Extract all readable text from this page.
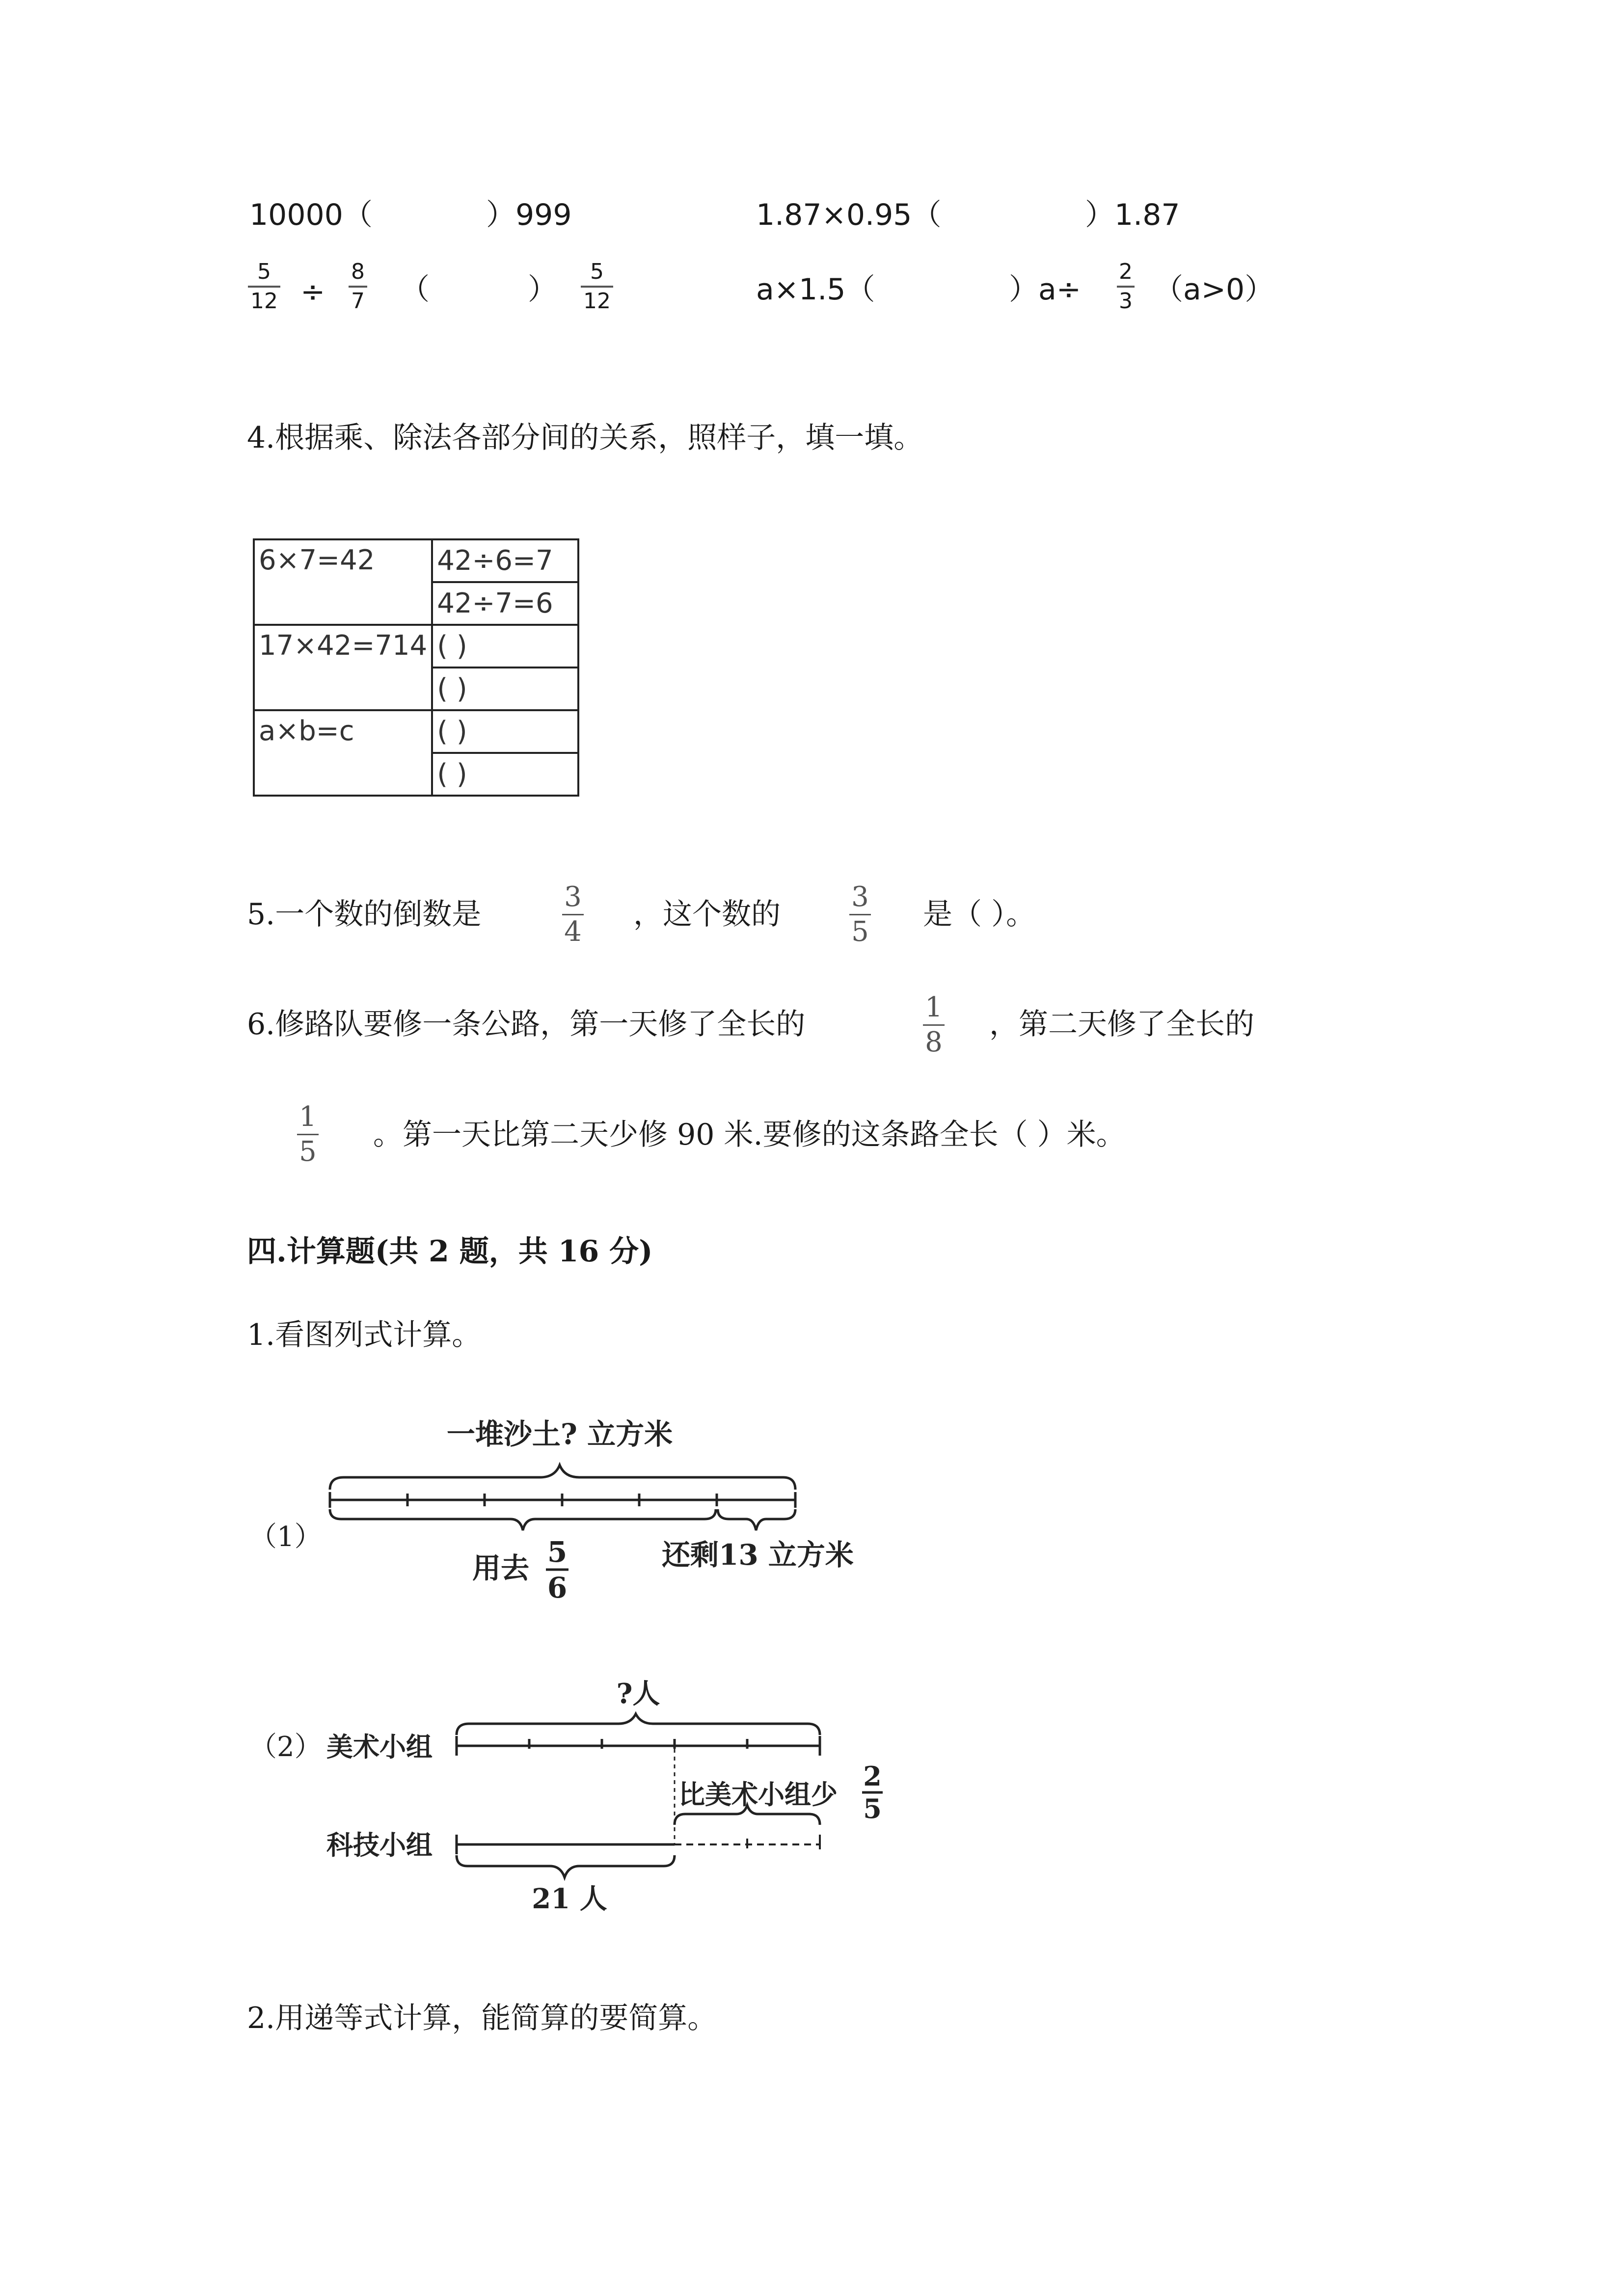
10000（	）999	1.87×0.95（	）1.87
5
12 ÷
8
7 （	）
5
12	a×1.5（	）a÷
2
3 （a>0）
4.根据乘、除法各部分间的关系，照样子，填一填。
6×7=42	42÷6=7
	42÷7=6
17×42=714	( )
	( )
a×b=c	( )
	( )
5.一个数的倒数是
3
4
，这个数的
3
5
是（ ）。
6.修路队要修一条公路，第一天修了全长的	1
8
，第二天修了全长的
1
5 。第一天比第二天少修 90 米.要修的这条路全长（ ）米。
四.计算题(共 2 题，共 16 分)
1.看图列式计算。
一堆沙土? 立方米
（1）
用去 5
6
还剩13 立方米
?人
（2） 美术小组
比美术小组少
2
5
科技小组
21 人
2.用递等式计算，能简算的要简算。
